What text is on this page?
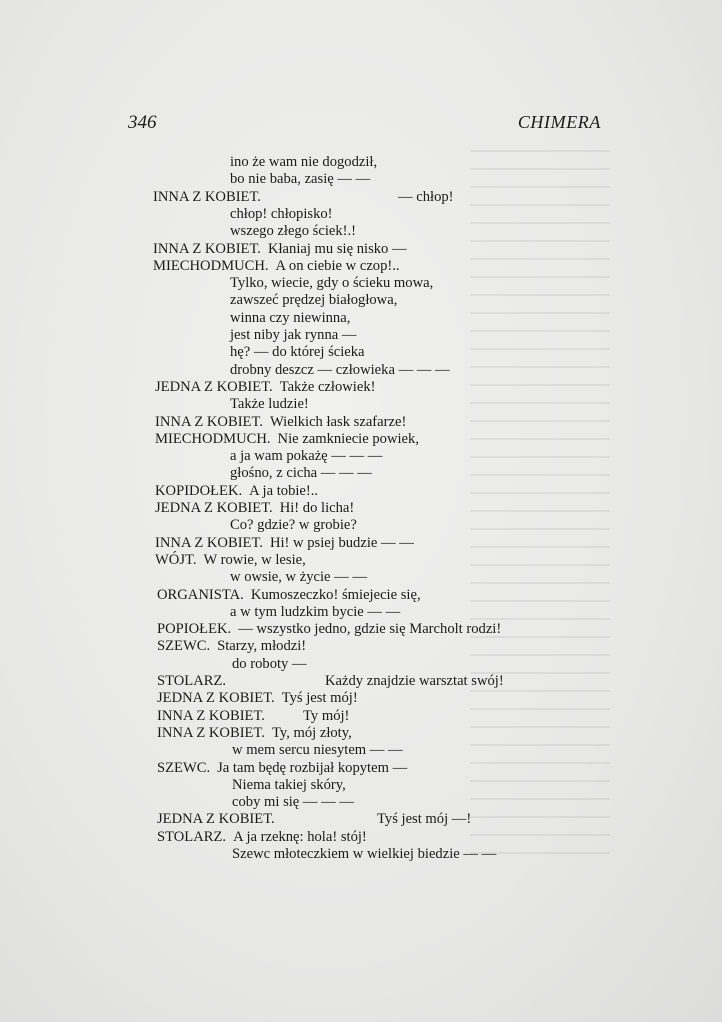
346	CHIMERA
ino że wam nie dogodził,
bo nie baba, zasię — —
INNA Z KOBIET.	— chłop!
chłop! chłopisko!
wszego złego ściek!.!
INNA Z KOBIET. Kłaniaj mu się nisko —
MIECHODMUCH. A on ciebie w czop!..
Tylko, wiecie, gdy o ścieku mowa,
zawszeć prędzej białogłowa,
winna czy niewinna,
jest niby jak rynna —
hę? — do której ścieka
drobny deszcz — człowieka — — —
JEDNA Z KOBIET. Także człowiek!
Także ludzie!
INNA Z KOBIET. Wielkich łask szafarze!
MIECHODMUCH. Nie zamkniecie powiek,
a ja wam pokażę — — —
głośno, z cicha — — —
KOPIDOŁEK. A ja tobie!..
JEDNA Z KOBIET. Hi! do licha!
Co? gdzie? w grobie?
INNA Z KOBIET. Hi! w psiej budzie — —
WÓJT. W rowie, w lesie,
w owsie, w życie — —
ORGANISTA. Kumoszeczko! śmiejecie się,
a w tym ludzkim bycie — —
POPIOŁEK. — wszystko jedno, gdzie się Marcholt rodzi!
SZEWC. Starzy, młodzi!
do roboty —
STOLARZ.	Każdy znajdzie warsztat swój!
JEDNA Z KOBIET. Tyś jest mój!
INNA Z KOBIET.	Ty mój!
INNA Z KOBIET. Ty, mój złoty,
w mem sercu niesytem — —
SZEWC. Ja tam będę rozbijał kopytem —
Niema takiej skóry,
coby mi się — — —
JEDNA Z KOBIET.	Tyś jest mój —!
STOLARZ. A ja rzeknę: hola! stój!
Szewc młoteczkiem w wielkiej biedzie — —
